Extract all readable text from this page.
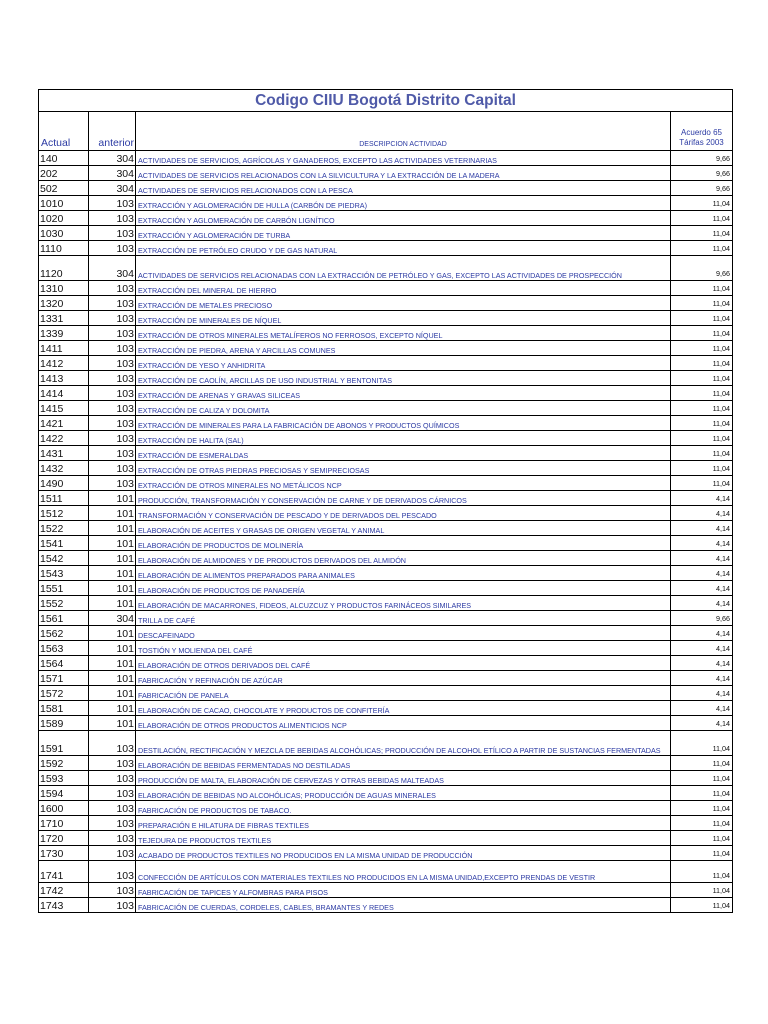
Codigo CIIU Bogotá Distrito Capital			
Actual	anterior	DESCRIPCION ACTIVIDAD	Acuerdo 65
Tárifas 2003
140	304	ACTIVIDADES DE SERVICIOS, AGRÍCOLAS Y GANADEROS, EXCEPTO LAS ACTIVIDADES VETERINARIAS	9,66
202	304	ACTIVIDADES DE SERVICIOS RELACIONADOS CON LA SILVICULTURA Y LA EXTRACCIÓN DE LA MADERA	9,66
502	304	ACTIVIDADES DE SERVICIOS RELACIONADOS CON LA PESCA	9,66
1010	103	EXTRACCIÓN Y AGLOMERACIÓN DE HULLA (CARBÓN DE PIEDRA)	11,04
1020	103	EXTRACCIÓN Y AGLOMERACIÓN DE CARBÓN LIGNÍTICO	11,04
1030	103	EXTRACCIÓN Y AGLOMERACIÓN DE TURBA	11,04
1110	103	EXTRACCIÓN DE PETRÓLEO CRUDO Y DE GAS NATURAL	11,04
1120	304	ACTIVIDADES DE SERVICIOS RELACIONADAS CON LA EXTRACCIÓN DE PETRÓLEO Y GAS, EXCEPTO LAS ACTIVIDADES DE PROSPECCIÓN	9,66
1310	103	EXTRACCIÓN DEL MINERAL DE HIERRO	11,04
1320	103	EXTRACCIÓN DE METALES PRECIOSO	11,04
1331	103	EXTRACCIÓN DE MINERALES DE NÍQUEL	11,04
1339	103	EXTRACCIÓN DE OTROS MINERALES METALÍFEROS NO FERROSOS, EXCEPTO NÍQUEL	11,04
1411	103	EXTRACCIÓN DE PIEDRA, ARENA Y ARCILLAS COMUNES	11,04
1412	103	EXTRACCIÓN DE YESO Y ANHIDRITA	11,04
1413	103	EXTRACCIÓN DE CAOLÍN, ARCILLAS DE USO INDUSTRIAL Y BENTONITAS	11,04
1414	103	EXTRACCIÓN DE ARENAS Y GRAVAS SILICEAS	11,04
1415	103	EXTRACCIÓN DE CALIZA Y DOLOMITA	11,04
1421	103	EXTRACCIÓN DE MINERALES PARA LA FABRICACIÓN DE ABONOS Y PRODUCTOS QUÍMICOS	11,04
1422	103	EXTRACCIÓN DE HALITA (SAL)	11,04
1431	103	EXTRACCIÓN DE ESMERALDAS	11,04
1432	103	EXTRACCIÓN DE OTRAS PIEDRAS PRECIOSAS Y SEMIPRECIOSAS	11,04
1490	103	EXTRACCIÓN DE OTROS MINERALES NO METÁLICOS NCP	11,04
1511	101	PRODUCCIÓN, TRANSFORMACIÓN Y CONSERVACIÓN DE CARNE Y DE DERIVADOS CÁRNICOS	4,14
1512	101	TRANSFORMACIÓN Y CONSERVACIÓN DE PESCADO Y DE DERIVADOS DEL PESCADO	4,14
1522	101	ELABORACIÓN DE ACEITES Y GRASAS DE ORIGEN VEGETAL Y ANIMAL	4,14
1541	101	ELABORACIÓN DE PRODUCTOS DE MOLINERÍA	4,14
1542	101	ELABORACIÓN DE ALMIDONES Y DE PRODUCTOS DERIVADOS DEL ALMIDÓN	4,14
1543	101	ELABORACIÓN DE ALIMENTOS PREPARADOS PARA ANIMALES	4,14
1551	101	ELABORACIÓN DE PRODUCTOS DE PANADERÍA	4,14
1552	101	ELABORACIÓN DE MACARRONES, FIDEOS, ALCUZCUZ Y PRODUCTOS FARINÁCEOS SIMILARES	4,14
1561	304	TRILLA DE CAFÉ	9,66
1562	101	DESCAFEINADO	4,14
1563	101	TOSTIÓN Y MOLIENDA DEL CAFÉ	4,14
1564	101	ELABORACIÓN DE OTROS DERIVADOS DEL CAFÉ	4,14
1571	101	FABRICACIÓN Y REFINACIÓN DE AZÚCAR	4,14
1572	101	FABRICACIÓN DE PANELA	4,14
1581	101	ELABORACIÓN DE CACAO, CHOCOLATE Y PRODUCTOS DE CONFITERÍA	4,14
1589	101	ELABORACIÓN DE OTROS PRODUCTOS ALIMENTICIOS NCP	4,14
1591	103	DESTILACIÓN, RECTIFICACIÓN Y MEZCLA DE BEBIDAS ALCOHÓLICAS; PRODUCCIÓN DE ALCOHOL ETÍLICO A PARTIR DE SUSTANCIAS FERMENTADAS	11,04
1592	103	ELABORACIÓN DE BEBIDAS FERMENTADAS NO DESTILADAS	11,04
1593	103	PRODUCCIÓN DE MALTA, ELABORACIÓN DE CERVEZAS Y OTRAS BEBIDAS MALTEADAS	11,04
1594	103	ELABORACIÓN DE BEBIDAS NO ALCOHÓLICAS; PRODUCCIÓN DE AGUAS MINERALES	11,04
1600	103	FABRICACIÓN DE PRODUCTOS DE TABACO.	11,04
1710	103	PREPARACIÓN E HILATURA DE FIBRAS TEXTILES	11,04
1720	103	TEJEDURA DE PRODUCTOS TEXTILES	11,04
1730	103	ACABADO DE PRODUCTOS TEXTILES NO PRODUCIDOS EN LA MISMA UNIDAD DE PRODUCCIÓN	11,04
1741	103	CONFECCIÓN DE ARTÍCULOS CON MATERIALES TEXTILES NO PRODUCIDOS EN LA MISMA UNIDAD,EXCEPTO PRENDAS DE VESTIR	11,04
1742	103	FABRICACIÓN DE TAPICES Y ALFOMBRAS PARA PISOS	11,04
1743	103	FABRICACIÓN DE CUERDAS, CORDELES, CABLES, BRAMANTES Y REDES	11,04
